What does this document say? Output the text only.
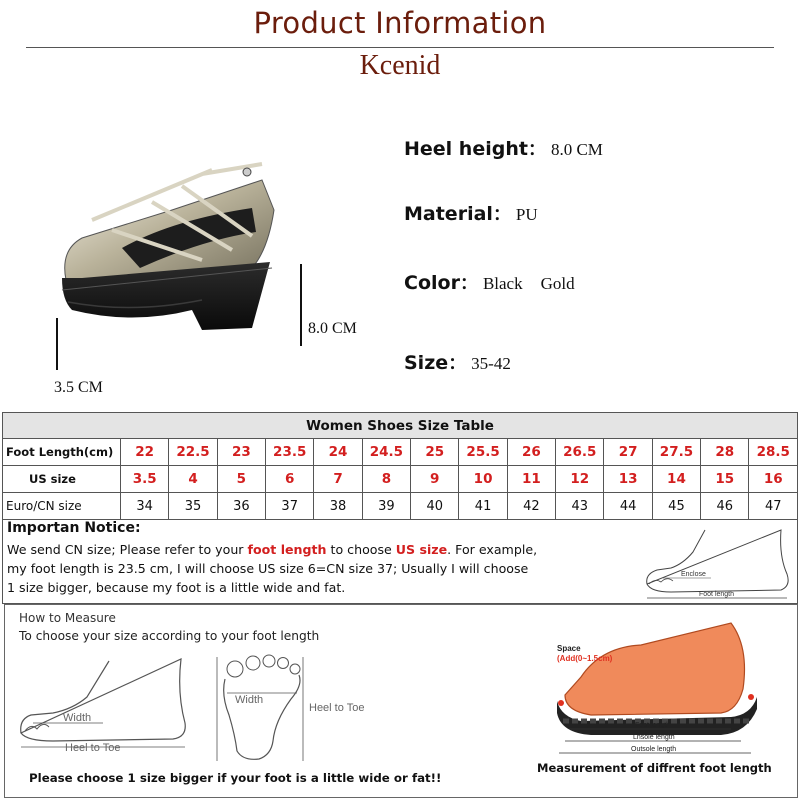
Product Information
Kcenid
8.0 CM
3.5 CM
Heel height： 8.0 CM
Material： PU
Color： Black Gold
Size： 35-42
Women Shoes Size Table														
Foot Length(cm)	22	22.5	23	23.5	24	24.5	25	25.5	26	26.5	27	27.5	28	28.5
US size	3.5	4	5	6	7	8	9	10	11	12	13	14	15	16
Euro/CN size	34	35	36	37	38	39	40	41	42	43	44	45	46	47
Importan Notice:
We send CN size; Please refer to your foot length to choose US size. For example,
my foot length is 23.5 cm, I will choose US size 6=CN size 37; Usually I will choose
1 size bigger, because my foot is a little wide and fat.
Enclose
Foot length
How to Measure
To choose your size according to your foot length
Width
Heel to Toe
Width
Heel to Toe
Space
(Add(0~1.5cm)
Foot length
Lnsole length
Outsole length
Measurement of diffrent foot length
Please choose 1 size bigger if your foot is a little wide or fat!!
